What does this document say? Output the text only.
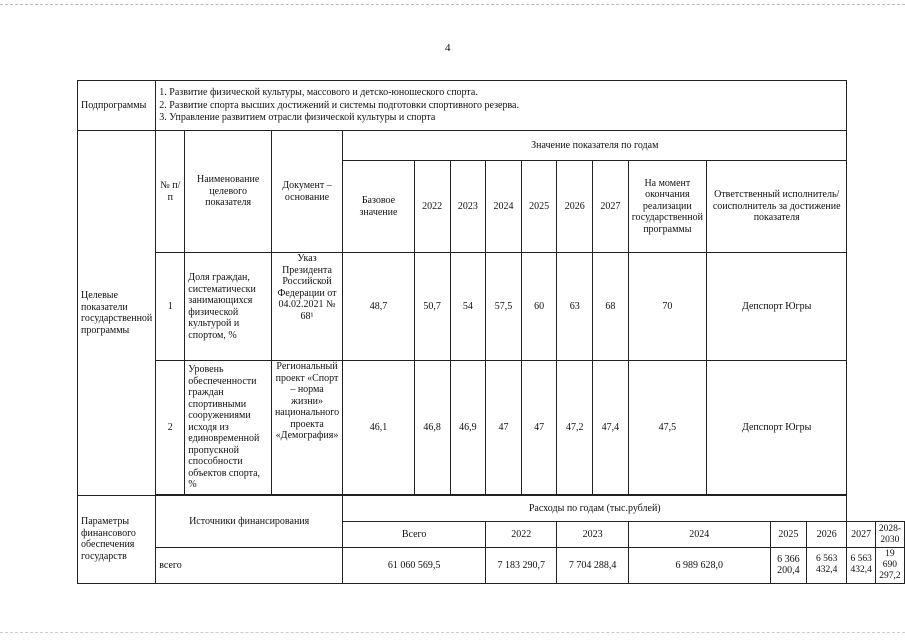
4
Подпрограммы	1. Развитие физической культуры, массового и детско-юношеского спорта.
2. Развитие спорта высших достижений и системы подготовки спортивного резерва.
3. Управление развитием отрасли физической культуры и спорта															

Целевые показатели государственной программы	№ п/п	Наименование целевого показателя	Документ – основание	Значение показателя по годам												
				Базовое значение	2022	2023	2024	2025	2026	2027	На момент окончания реализации государственной программы	Ответственный исполнитель/соисполнитель за достижение показателя				
	1	Доля граждан, систематически занимающихся физической культурой и спортом, %	Указ Президента Российской Федерации от 04.02.2021 № 68¹	48,7	50,7	54	57,5	60	63	68	70	Депспорт Югры				
	2	Уровень обеспеченности граждан спортивными сооружениями исходя из единовременной пропускной способности объектов спорта, %	Региональный проект «Спорт – норма жизни» национального проекта «Демография»	46,1	46,8	46,9	47	47	47,2	47,4	47,5	Депспорт Югры				

Параметры финансового обеспечения государств	Источники финансирования			Расходы по годам (тыс.рублей)												
				Всего			2022		2023		2024		2025	2026	2027	2028-2030
	всего			61 060 569,5			7 183 290,7		7 704 288,4		6 989 628,0		6 366 200,4	6 563 432,4	6 563 432,4	19 690 297,2
